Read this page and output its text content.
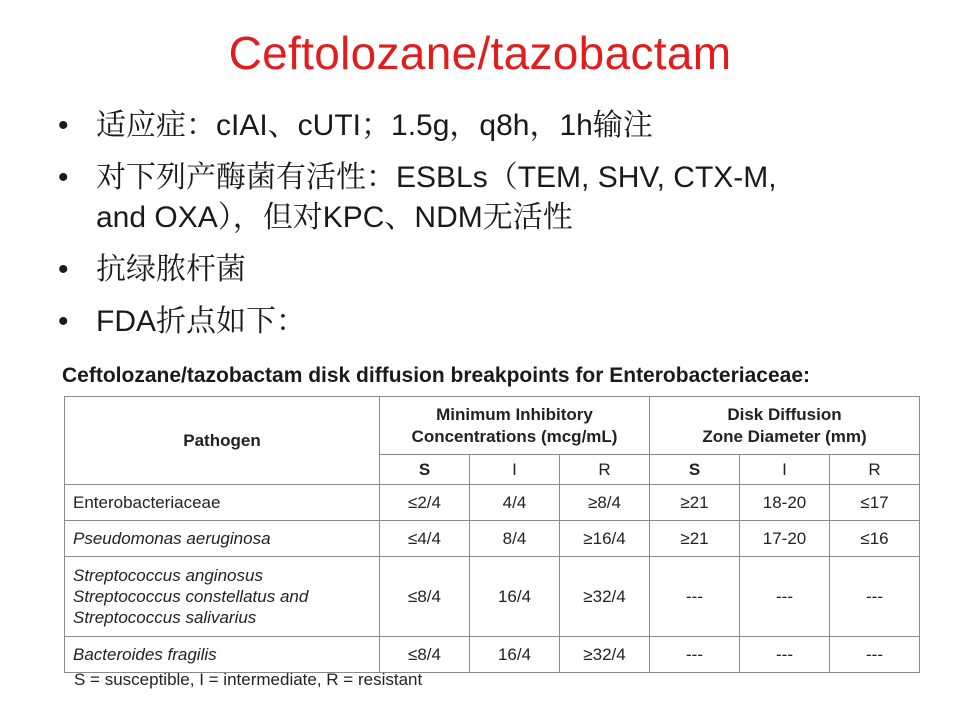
Ceftolozane/tazobactam
• 适应症：cIAI、cUTI；1.5g，q8h，1h输注
• 对下列产酶菌有活性：ESBLs（TEM, SHV, CTX-M,
and OXA），但对KPC、NDM无活性
• 抗绿脓杆菌
• FDA折点如下：
Ceftolozane/tazobactam disk diffusion breakpoints for Enterobacteriaceae:
Pathogen	Minimum Inhibitory
Concentrations (mcg/mL)			Disk Diffusion
Zone Diameter (mm)		
	S	I	R	S	I	R

Enterobacteriaceae	≤2/4	4/4	≥8/4	≥21	18-20	≤17

Pseudomonas aeruginosa	≤4/4	8/4	≥16/4	≥21	17-20	≤16

Streptococcus anginosus
Streptococcus constellatus and
Streptococcus salivarius	≤8/4	16/4	≥32/4	---	---	---

Bacteroides fragilis	≤8/4	16/4	≥32/4	---	---	---
S = susceptible, I = intermediate, R = resistant
